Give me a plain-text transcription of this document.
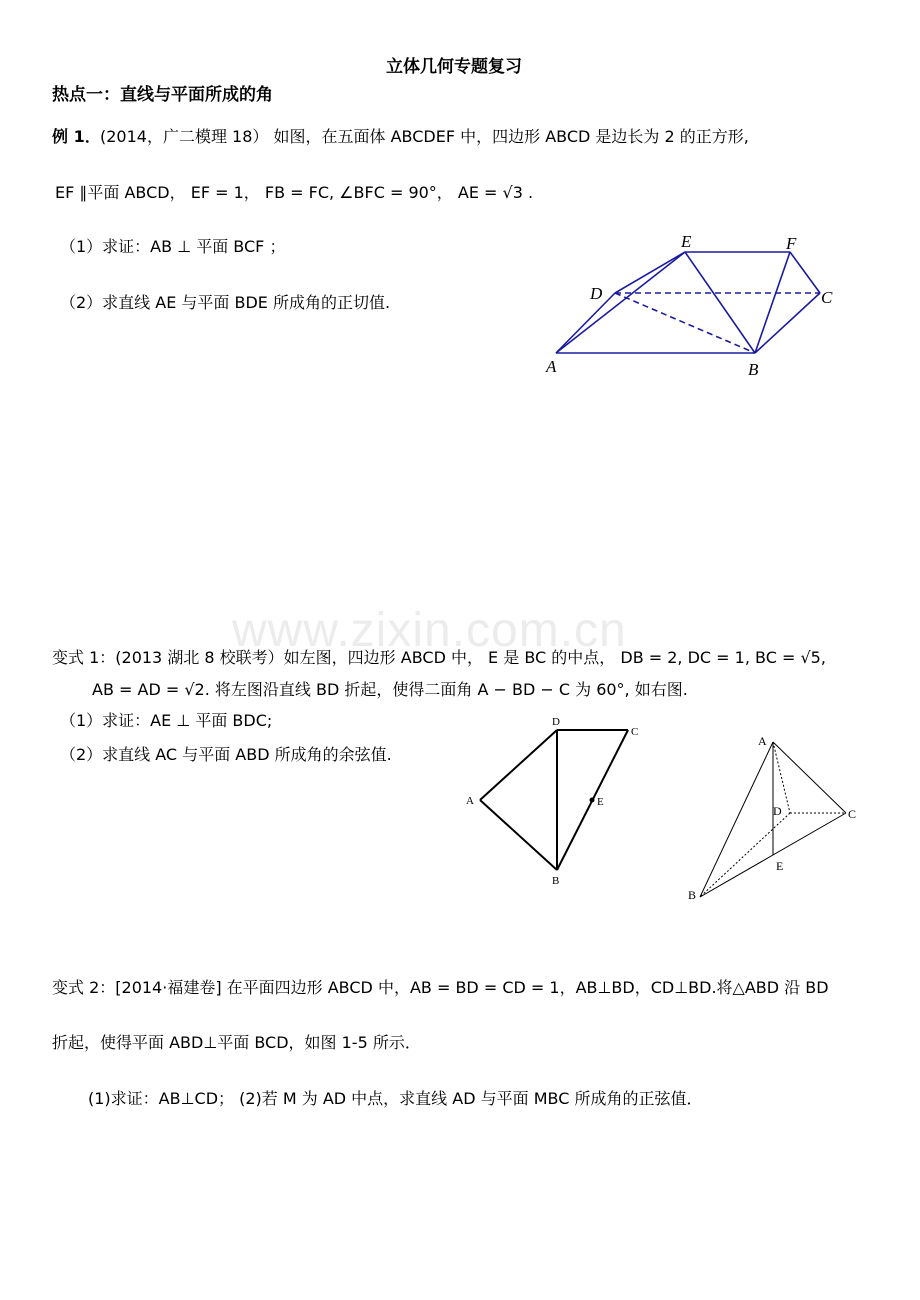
立体几何专题复习
热点一：直线与平面所成的角
例 1． (2014，广二模理 18） 如图，在五面体 ABCDEF 中，四边形 ABCD 是边长为 2 的正方形,
EF ∥平面 ABCD， EF = 1， FB = FC, ∠BFC = 90°， AE = √3 .
（1）求证：AB ⊥ 平面 BCF ；
（2）求直线 AE 与平面 BDE 所成角的正切值.
E	F
D	C
A	B
www.zixin.com.cn
变式 1：(2013 湖北 8 校联考）如左图，四边形 ABCD 中， E 是 BC 的中点， DB = 2, DC = 1, BC = √5,
AB = AD = √2. 将左图沿直线 BD 折起，使得二面角 A − BD − C 为 60°, 如右图.
（1）求证：AE ⊥ 平面 BDC;
（2）求直线 AC 与平面 ABD 所成角的余弦值.
D
C
A	E
B
A
D	C
E
B
变式 2：[2014·福建卷] 在平面四边形 ABCD 中，AB = BD = CD = 1，AB⊥BD，CD⊥BD.将△ABD 沿 BD
折起，使得平面 ABD⊥平面 BCD，如图 1-5 所示．
(1)求证：AB⊥CD； (2)若 M 为 AD 中点，求直线 AD 与平面 MBC 所成角的正弦值．
